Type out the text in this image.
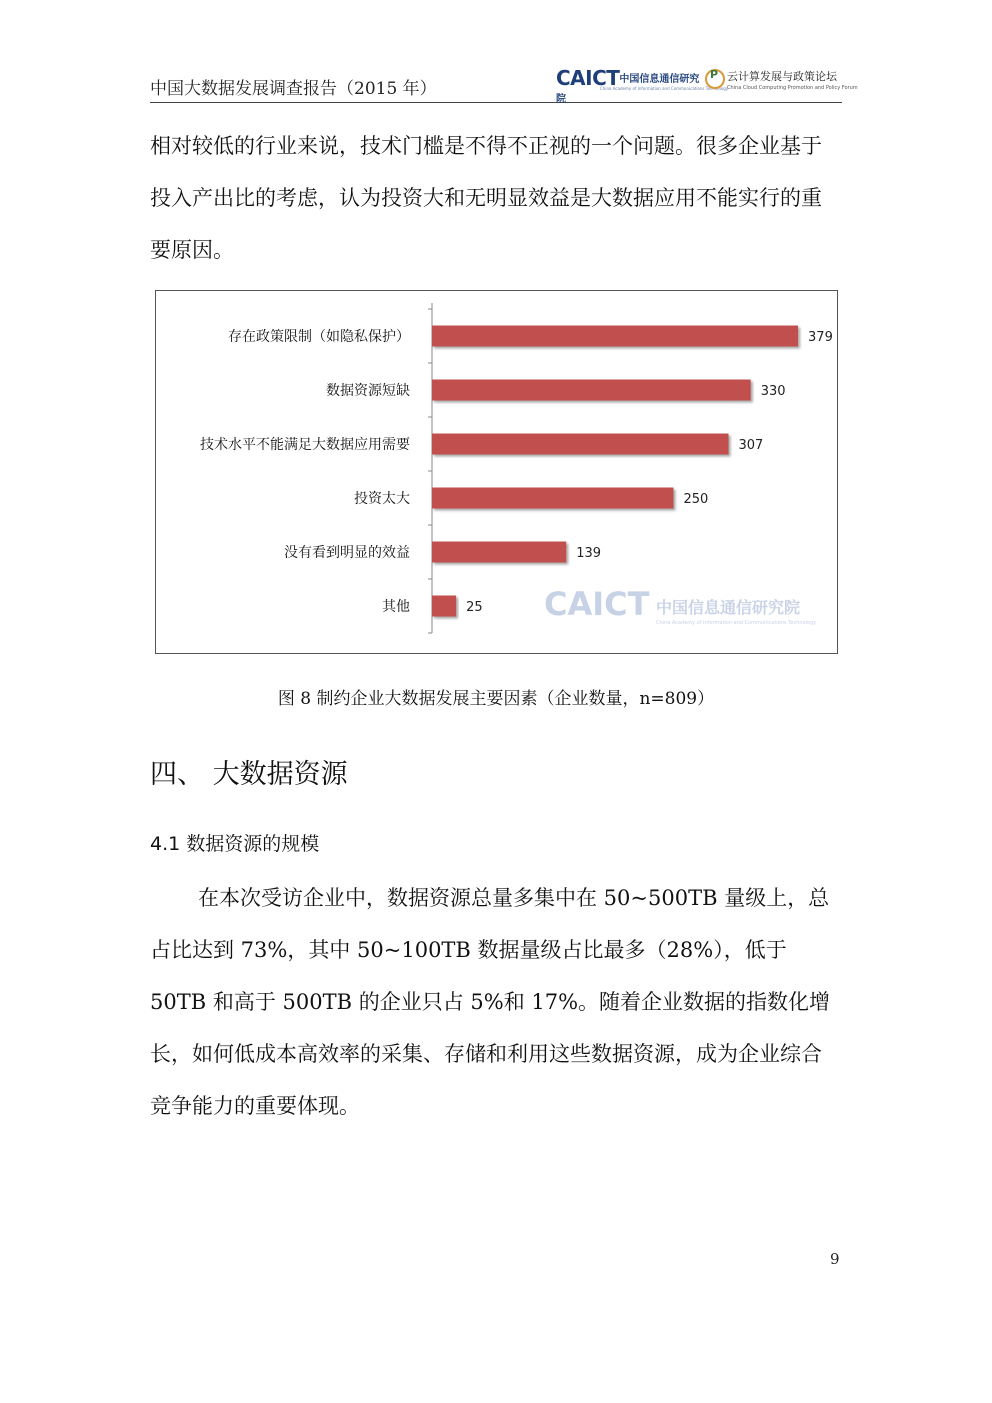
中国大数据发展调查报告（2015 年）	CAICT中国信息通信研究院
China Academy of Information and Communications Technology
P 云计算发展与政策论坛
China Cloud Computing Promotion and Policy Forum

相对较低的行业来说，技术门槛是不得不正视的一个问题。很多企业基于投入产出比的考虑，认为投资大和无明显效益是大数据应用不能实行的重要原因。

CAICT 中国信息通信研究院
China Academy of Information and Communications Technology
存在政策限制（如隐私保护）	379
数据资源短缺	330
技术水平不能满足大数据应用需要	307
投资太大	250
没有看到明显的效益	139
其他	25
图 8 制约企业大数据发展主要因素（企业数量，n=809）
四、 大数据资源
4.1 数据资源的规模

在本次受访企业中，数据资源总量多集中在 50~500TB 量级上，总占比达到 73%，其中 50~100TB 数据量级占比最多（28%），低于 50TB 和高于 500TB 的企业只占 5%和 17%。随着企业数据的指数化增长，如何低成本高效率的采集、存储和利用这些数据资源，成为企业综合竞争能力的重要体现。

9
